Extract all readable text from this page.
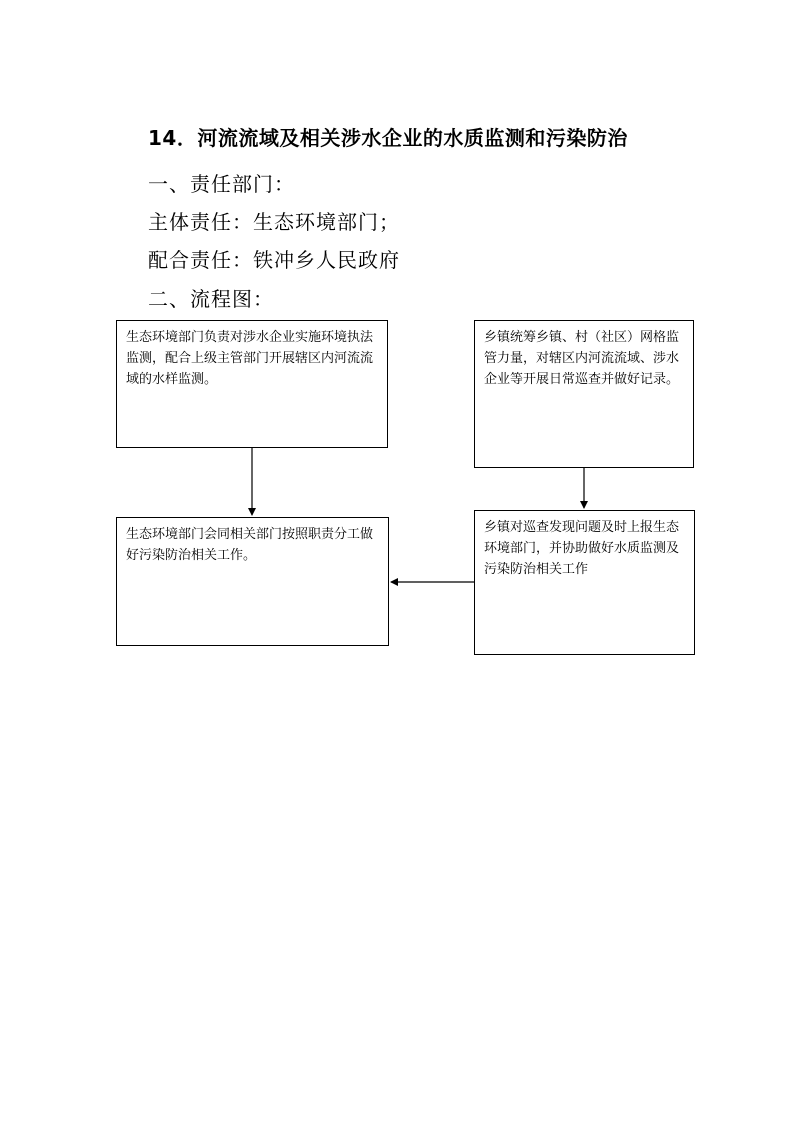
14．河流流域及相关涉水企业的水质监测和污染防治
一、责任部门：
主体责任：生态环境部门；
配合责任：铁冲乡人民政府
二、流程图：
生态环境部门负责对涉水企业实施环境执法监测，配合上级主管部门开展辖区内河流流域的水样监测。
乡镇统筹乡镇、村（社区）网格监管力量，对辖区内河流流域、涉水企业等开展日常巡查并做好记录。
生态环境部门会同相关部门按照职责分工做好污染防治相关工作。
乡镇对巡查发现问题及时上报生态环境部门，并协助做好水质监测及污染防治相关工作
